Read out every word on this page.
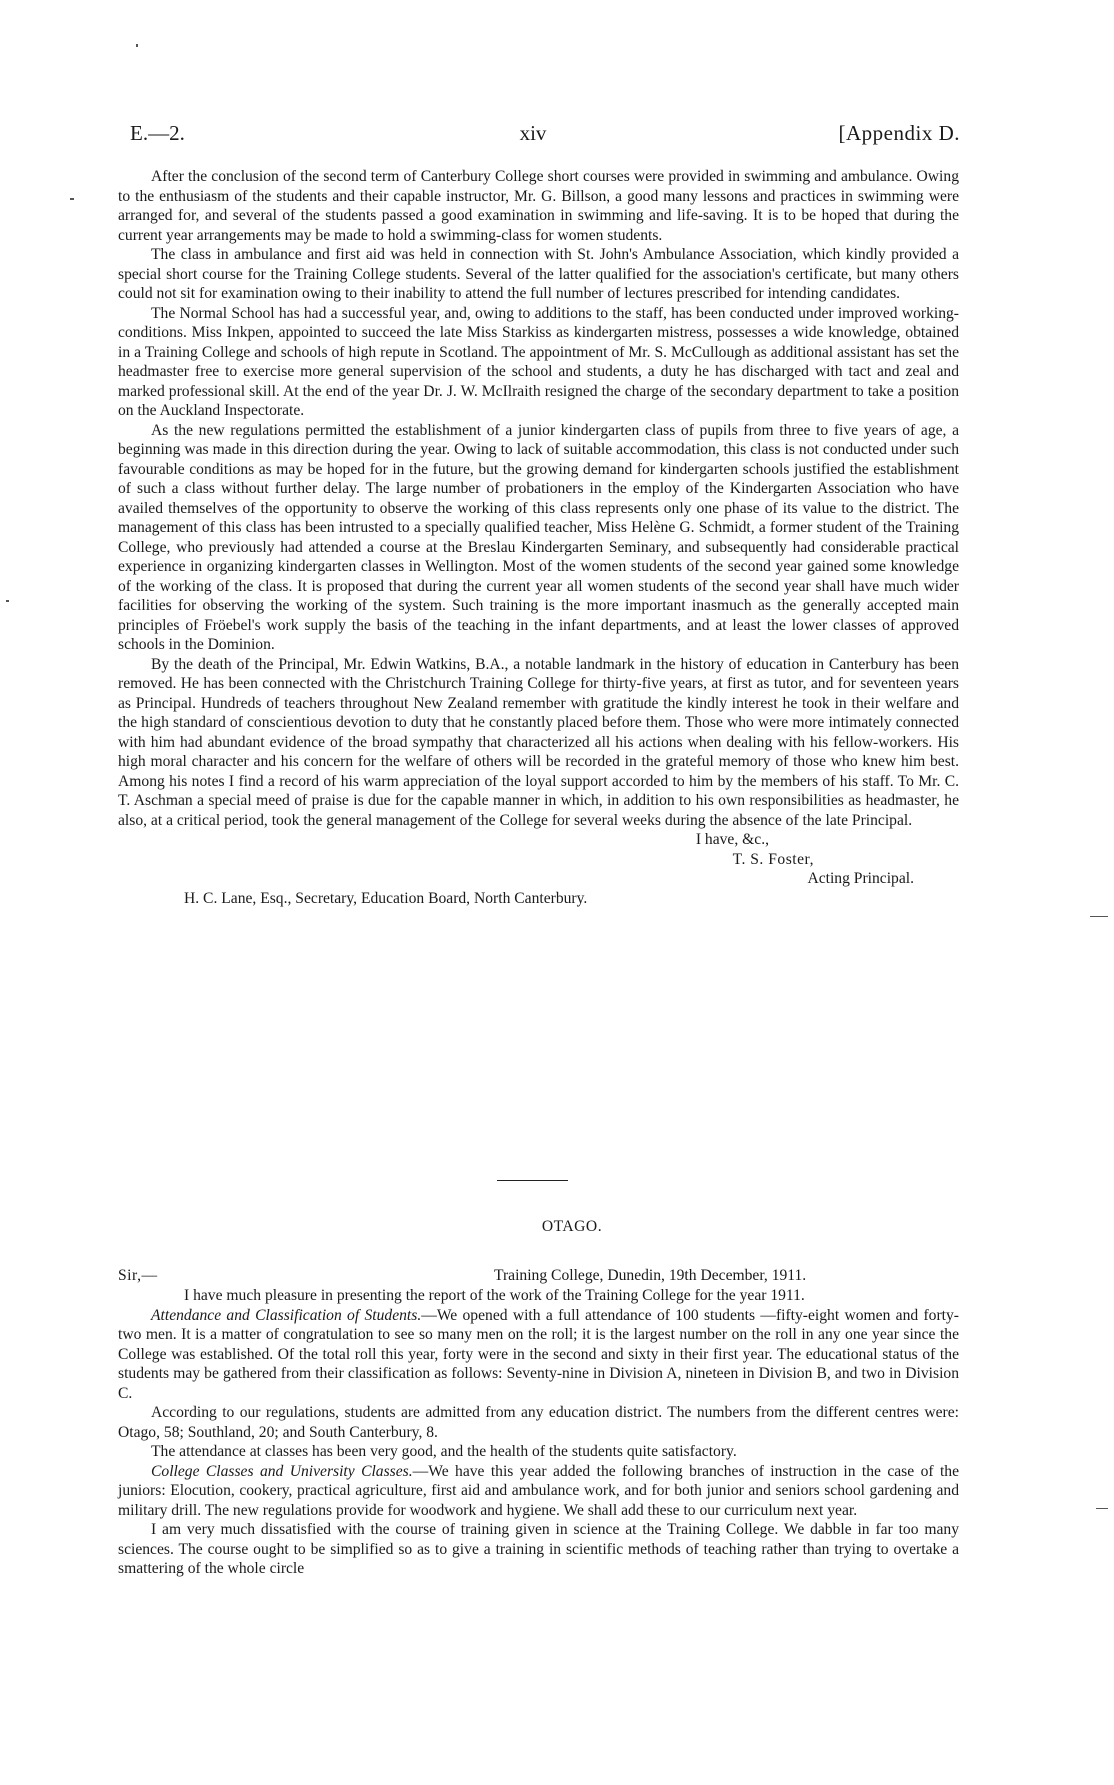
E.—2.	xiv	[Appendix D.

After the conclusion of the second term of Canterbury College short courses were provided in swimming and ambulance. Owing to the enthusiasm of the students and their capable instructor, Mr. G. Billson, a good many lessons and practices in swimming were arranged for, and several of the students passed a good examination in swimming and life-saving. It is to be hoped that during the current year arrangements may be made to hold a swimming-class for women students.

The class in ambulance and first aid was held in connection with St. John's Ambulance Association, which kindly provided a special short course for the Training College students. Several of the latter qualified for the association's certificate, but many others could not sit for examination owing to their inability to attend the full number of lectures prescribed for intending candidates.

The Normal School has had a successful year, and, owing to additions to the staff, has been conducted under improved working-conditions. Miss Inkpen, appointed to succeed the late Miss Starkiss as kindergarten mistress, possesses a wide knowledge, obtained in a Training College and schools of high repute in Scotland. The appointment of Mr. S. McCullough as additional assistant has set the headmaster free to exercise more general supervision of the school and students, a duty he has discharged with tact and zeal and marked professional skill. At the end of the year Dr. J. W. McIlraith resigned the charge of the secondary department to take a position on the Auckland Inspectorate.

As the new regulations permitted the establishment of a junior kindergarten class of pupils from three to five years of age, a beginning was made in this direction during the year. Owing to lack of suitable accommodation, this class is not conducted under such favourable conditions as may be hoped for in the future, but the growing demand for kindergarten schools justified the establishment of such a class without further delay. The large number of probationers in the employ of the Kindergarten Association who have availed themselves of the opportunity to observe the working of this class represents only one phase of its value to the district. The management of this class has been intrusted to a specially qualified teacher, Miss Helène G. Schmidt, a former student of the Training College, who previously had attended a course at the Breslau Kindergarten Seminary, and subsequently had considerable practical experience in organizing kindergarten classes in Wellington. Most of the women students of the second year gained some knowledge of the working of the class. It is proposed that during the current year all women students of the second year shall have much wider facilities for observing the working of the system. Such training is the more important inasmuch as the generally accepted main principles of Fröebel's work supply the basis of the teaching in the infant departments, and at least the lower classes of approved schools in the Dominion.

By the death of the Principal, Mr. Edwin Watkins, B.A., a notable landmark in the history of education in Canterbury has been removed. He has been connected with the Christchurch Training College for thirty-five years, at first as tutor, and for seventeen years as Principal. Hundreds of teachers throughout New Zealand remember with gratitude the kindly interest he took in their welfare and the high standard of conscientious devotion to duty that he constantly placed before them. Those who were more intimately connected with him had abundant evidence of the broad sympathy that characterized all his actions when dealing with his fellow-workers. His high moral character and his concern for the welfare of others will be recorded in the grateful memory of those who knew him best. Among his notes I find a record of his warm appreciation of the loyal support accorded to him by the members of his staff. To Mr. C. T. Aschman a special meed of praise is due for the capable manner in which, in addition to his own responsibilities as headmaster, he also, at a critical period, took the general management of the College for several weeks during the absence of the late Principal.

I have, &c.,

T. S. Foster,

Acting Principal.

H. C. Lane, Esq., Secretary, Education Board, North Canterbury.

OTAGO.
Sir,—	Training College, Dunedin, 19th December, 1911.

I have much pleasure in presenting the report of the work of the Training College for the year 1911.

Attendance and Classification of Students.—We opened with a full attendance of 100 students —fifty-eight women and forty-two men. It is a matter of congratulation to see so many men on the roll; it is the largest number on the roll in any one year since the College was established. Of the total roll this year, forty were in the second and sixty in their first year. The educational status of the students may be gathered from their classification as follows: Seventy-nine in Division A, nineteen in Division B, and two in Division C.

According to our regulations, students are admitted from any education district. The numbers from the different centres were: Otago, 58; Southland, 20; and South Canterbury, 8.

The attendance at classes has been very good, and the health of the students quite satisfactory.

College Classes and University Classes.—We have this year added the following branches of instruction in the case of the juniors: Elocution, cookery, practical agriculture, first aid and ambulance work, and for both junior and seniors school gardening and military drill. The new regulations provide for woodwork and hygiene. We shall add these to our curriculum next year.

I am very much dissatisfied with the course of training given in science at the Training College. We dabble in far too many sciences. The course ought to be simplified so as to give a training in scientific methods of teaching rather than trying to overtake a smattering of the whole circle
